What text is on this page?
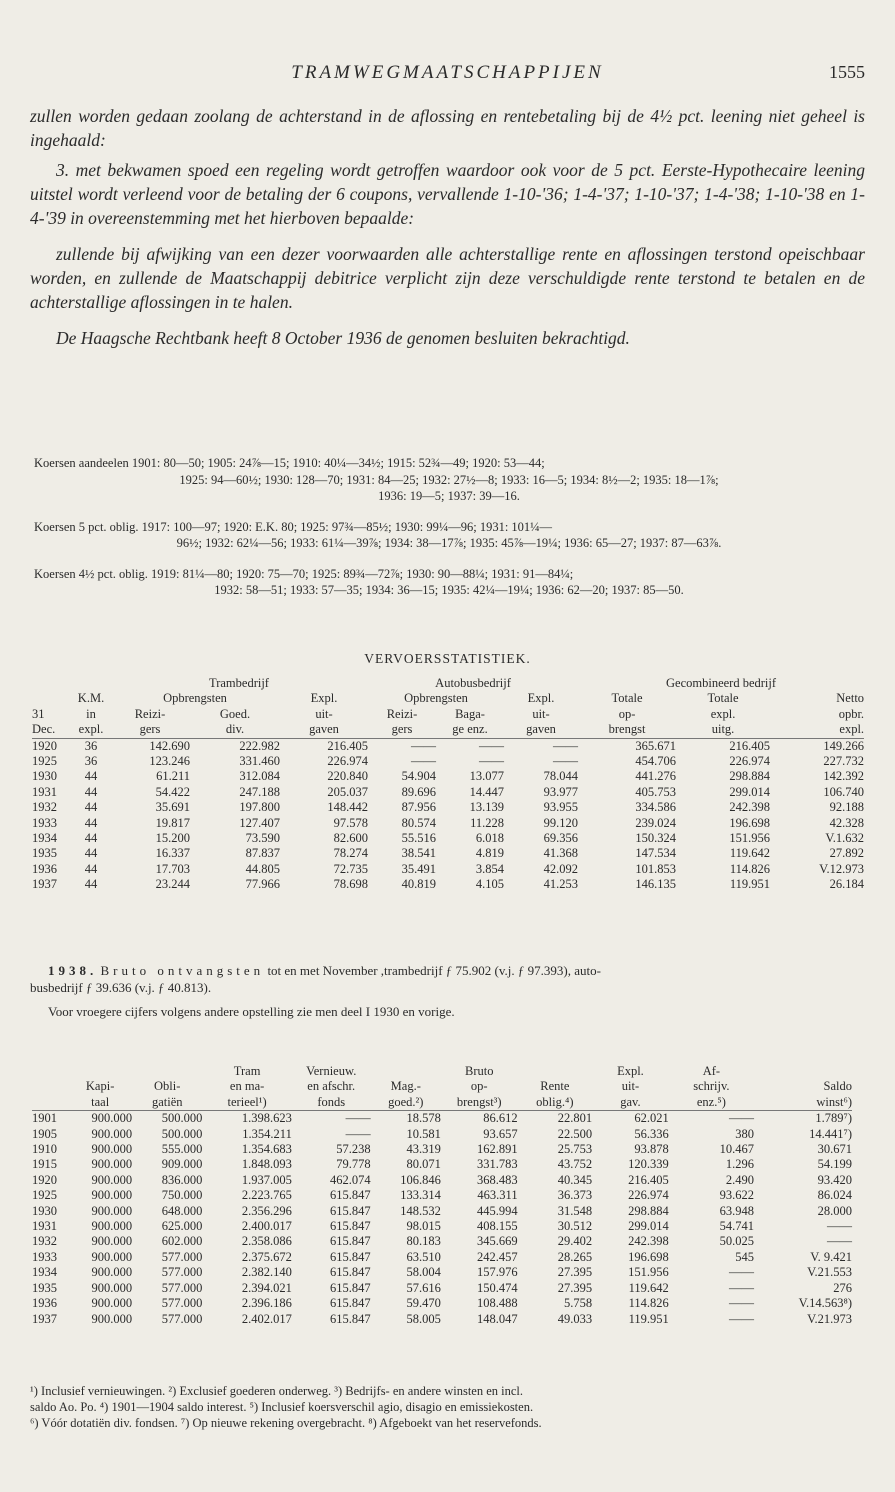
TRAMWEGMAATSCHAPPIJEN	1555

zullen worden gedaan zoolang de achterstand in de aflossing en rentebetaling bij de 4½ pct. leening niet geheel is ingehaald:

3. met bekwamen spoed een regeling wordt getroffen waardoor ook voor de 5 pct. Eerste-Hypothecaire leening uitstel wordt verleend voor de betaling der 6 coupons, vervallende 1-10-'36; 1-4-'37; 1-10-'37; 1-4-'38; 1-10-'38 en 1-4-'39 in overeenstemming met het hierboven bepaalde:

zullende bij afwijking van een dezer voorwaarden alle achterstallige rente en aflossingen terstond opeischbaar worden, en zullende de Maatschappij debitrice verplicht zijn deze verschuldigde rente terstond te betalen en de achterstallige aflossingen in te halen.

De Haagsche Rechtbank heeft 8 October 1936 de genomen besluiten bekrachtigd.

Koersen aandeelen 1901: 80—50; 1905: 24⅞—15; 1910: 40¼—34½; 1915: 52¾—49; 1920: 53—44;
1925: 94—60½; 1930: 128—70; 1931: 84—25; 1932: 27½—8; 1933: 16—5; 1934: 8½—2; 1935: 18—1⅞;
1936: 19—5; 1937: 39—16.

Koersen 5 pct. oblig. 1917: 100—97; 1920: E.K. 80; 1925: 97¾—85½; 1930: 99¼—96; 1931: 101¼—
96½; 1932: 62¼—56; 1933: 61¼—39⅞; 1934: 38—17⅞; 1935: 45⅞—19¼; 1936: 65—27; 1937: 87—63⅞.

Koersen 4½ pct. oblig. 1919: 81¼—80; 1920: 75—70; 1925: 89¾—72⅞; 1930: 90—88¼; 1931: 91—84¼;
1932: 58—51; 1933: 57—35; 1934: 36—15; 1935: 42¼—19¼; 1936: 62—20; 1937: 85—50.

VERVOERSSTATISTIEK.
		Trambedrijf			Autobusbedrijf			Gecombineerd bedrijf		
	K.M.	Opbrengsten		Expl.	Opbrengsten		Expl.	Totale	Totale	Netto
31	in	Reizi-	Goed.	uit-	Reizi-	Baga-	uit-	op-	expl.	opbr.
Dec.	expl.	gers	div.	gaven	gers	ge enz.	gaven	brengst	uitg.	expl.
1920	36	142.690	222.982	216.405	——	——	——	365.671	216.405	149.266
1925	36	123.246	331.460	226.974	——	——	——	454.706	226.974	227.732
1930	44	61.211	312.084	220.840	54.904	13.077	78.044	441.276	298.884	142.392
1931	44	54.422	247.188	205.037	89.696	14.447	93.977	405.753	299.014	106.740
1932	44	35.691	197.800	148.442	87.956	13.139	93.955	334.586	242.398	92.188
1933	44	19.817	127.407	97.578	80.574	11.228	99.120	239.024	196.698	42.328
1934	44	15.200	73.590	82.600	55.516	6.018	69.356	150.324	151.956	V.1.632
1935	44	16.337	87.837	78.274	38.541	4.819	41.368	147.534	119.642	27.892
1936	44	17.703	44.805	72.735	35.491	3.854	42.092	101.853	114.826	V.12.973
1937	44	23.244	77.966	78.698	40.819	4.105	41.253	146.135	119.951	26.184
1938. Bruto ontvangsten tot en met November ,trambedrijf ƒ 75.902 (v.j. ƒ 97.393), auto-
busbedrijf ƒ 39.636 (v.j. ƒ 40.813).
Voor vroegere cijfers volgens andere opstelling zie men deel I 1930 en vorige.
			Tram	Vernieuw.		Bruto		Expl.	Af-	
	Kapi-	Obli-	en ma-	en afschr.	Mag.-	op-	Rente	uit-	schrijv.	Saldo
	taal	gatiën	terieel¹)	fonds	goed.²)	brengst³)	oblig.⁴)	gav.	enz.⁵)	winst⁶)
1901	900.000	500.000	1.398.623	——	18.578	86.612	22.801	62.021	——	1.789⁷)
1905	900.000	500.000	1.354.211	——	10.581	93.657	22.500	56.336	380	14.441⁷)
1910	900.000	555.000	1.354.683	57.238	43.319	162.891	25.753	93.878	10.467	30.671
1915	900.000	909.000	1.848.093	79.778	80.071	331.783	43.752	120.339	1.296	54.199
1920	900.000	836.000	1.937.005	462.074	106.846	368.483	40.345	216.405	2.490	93.420
1925	900.000	750.000	2.223.765	615.847	133.314	463.311	36.373	226.974	93.622	86.024
1930	900.000	648.000	2.356.296	615.847	148.532	445.994	31.548	298.884	63.948	28.000
1931	900.000	625.000	2.400.017	615.847	98.015	408.155	30.512	299.014	54.741	——
1932	900.000	602.000	2.358.086	615.847	80.183	345.669	29.402	242.398	50.025	——
1933	900.000	577.000	2.375.672	615.847	63.510	242.457	28.265	196.698	545	V. 9.421
1934	900.000	577.000	2.382.140	615.847	58.004	157.976	27.395	151.956	——	V.21.553
1935	900.000	577.000	2.394.021	615.847	57.616	150.474	27.395	119.642	——	276
1936	900.000	577.000	2.396.186	615.847	59.470	108.488	5.758	114.826	——	V.14.563⁸)
1937	900.000	577.000	2.402.017	615.847	58.005	148.047	49.033	119.951	——	V.21.973

¹) Inclusief vernieuwingen. ²) Exclusief goederen onderweg. ³) Bedrijfs- en andere winsten en incl.

saldo Ao. Po. ⁴) 1901—1904 saldo interest. ⁵) Inclusief koersverschil agio, disagio en emissiekosten.

⁶) Vóór dotatiën div. fondsen. ⁷) Op nieuwe rekening overgebracht. ⁸) Afgeboekt van het reservefonds.
